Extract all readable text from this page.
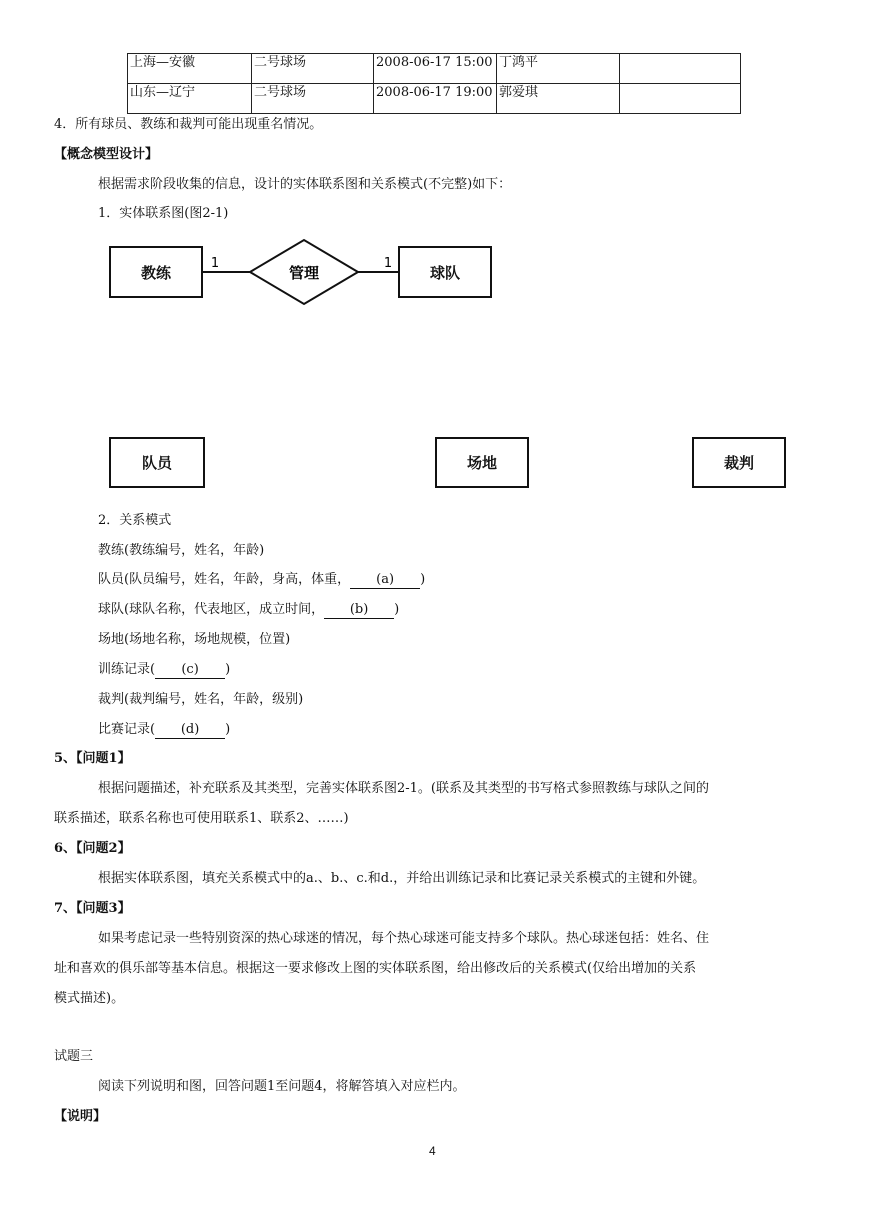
上海—安徽	二号球场	2008-06-17 15:00	丁鸿平	
山东—辽宁	二号球场	2008-06-17 19:00	郭爱琪	
4．所有球员、教练和裁判可能出现重名情况。
【概念模型设计】
根据需求阶段收集的信息，设计的实体联系图和关系模式(不完整)如下：
1．实体联系图(图2-1)
管理
1	1
教练	球队
队员	场地	裁判
2．关系模式
教练(教练编号，姓名，年龄)
队员(队员编号，姓名，年龄，身高，体重， (a) )
球队(球队名称，代表地区，成立时间， (b) )
场地(场地名称，场地规模，位置)
训练记录( (c) )
裁判(裁判编号，姓名，年龄，级别)
比赛记录( (d) )
5、【问题1】
根据问题描述，补充联系及其类型，完善实体联系图2-1。(联系及其类型的书写格式参照教练与球队之间的
联系描述，联系名称也可使用联系1、联系2、……)
6、【问题2】
根据实体联系图，填充关系模式中的a.、b.、c.和d.，并给出训练记录和比赛记录关系模式的主键和外键。
7、【问题3】
如果考虑记录一些特别资深的热心球迷的情况，每个热心球迷可能支持多个球队。热心球迷包括：姓名、住
址和喜欢的俱乐部等基本信息。根据这一要求修改上图的实体联系图，给出修改后的关系模式(仅给出增加的关系
模式描述)。
试题三
阅读下列说明和图，回答问题1至问题4，将解答填入对应栏内。
【说明】
4
